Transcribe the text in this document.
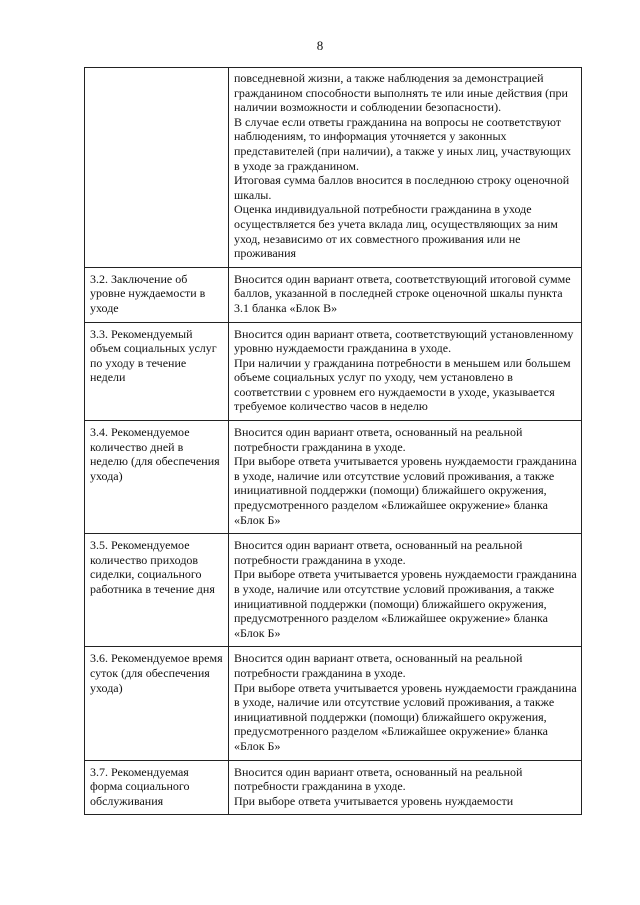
8

	повседневной жизни, а также наблюдения за демонстрацией гражданином способности выполнять те или иные действия (при наличии возможности и соблюдении безопасности).
В случае если ответы гражданина на вопросы не соответствуют наблюдениям, то информация уточняется у законных представителей (при наличии), а также у иных лиц, участвующих в уходе за гражданином.
Итоговая сумма баллов вносится в последнюю строку оценочной шкалы.
Оценка индивидуальной потребности гражданина в уходе осуществляется без учета вклада лиц, осуществляющих за ним уход, независимо от их совместного проживания или не проживания

3.2. Заключение об уровне нуждаемости в уходе	Вносится один вариант ответа, соответствующий итоговой сумме баллов, указанной в последней строке оценочной шкалы пункта 3.1 бланка «Блок В»

3.3. Рекомендуемый объем социальных услуг по уходу в течение недели	Вносится один вариант ответа, соответствующий установленному уровню нуждаемости гражданина в уходе.
При наличии у гражданина потребности в меньшем или большем объеме социальных услуг по уходу, чем установлено в соответствии с уровнем его нуждаемости в уходе, указывается требуемое количество часов в неделю

3.4. Рекомендуемое количество дней в неделю (для обеспечения ухода)	Вносится один вариант ответа, основанный на реальной потребности гражданина в уходе.
При выборе ответа учитывается уровень нуждаемости гражданина в уходе, наличие или отсутствие условий проживания, а также инициативной поддержки (помощи) ближайшего окружения, предусмотренного разделом «Ближайшее окружение» бланка «Блок Б»

3.5. Рекомендуемое количество приходов сиделки, социального работника в течение дня	Вносится один вариант ответа, основанный на реальной потребности гражданина в уходе.
При выборе ответа учитывается уровень нуждаемости гражданина в уходе, наличие или отсутствие условий проживания, а также инициативной поддержки (помощи) ближайшего окружения, предусмотренного разделом «Ближайшее окружение» бланка «Блок Б»

3.6. Рекомендуемое время суток (для обеспечения ухода)	Вносится один вариант ответа, основанный на реальной потребности гражданина в уходе.
При выборе ответа учитывается уровень нуждаемости гражданина в уходе, наличие или отсутствие условий проживания, а также инициативной поддержки (помощи) ближайшего окружения, предусмотренного разделом «Ближайшее окружение» бланка «Блок Б»

3.7. Рекомендуемая форма социального обслуживания	Вносится один вариант ответа, основанный на реальной потребности гражданина в уходе.
При выборе ответа учитывается уровень нуждаемости
